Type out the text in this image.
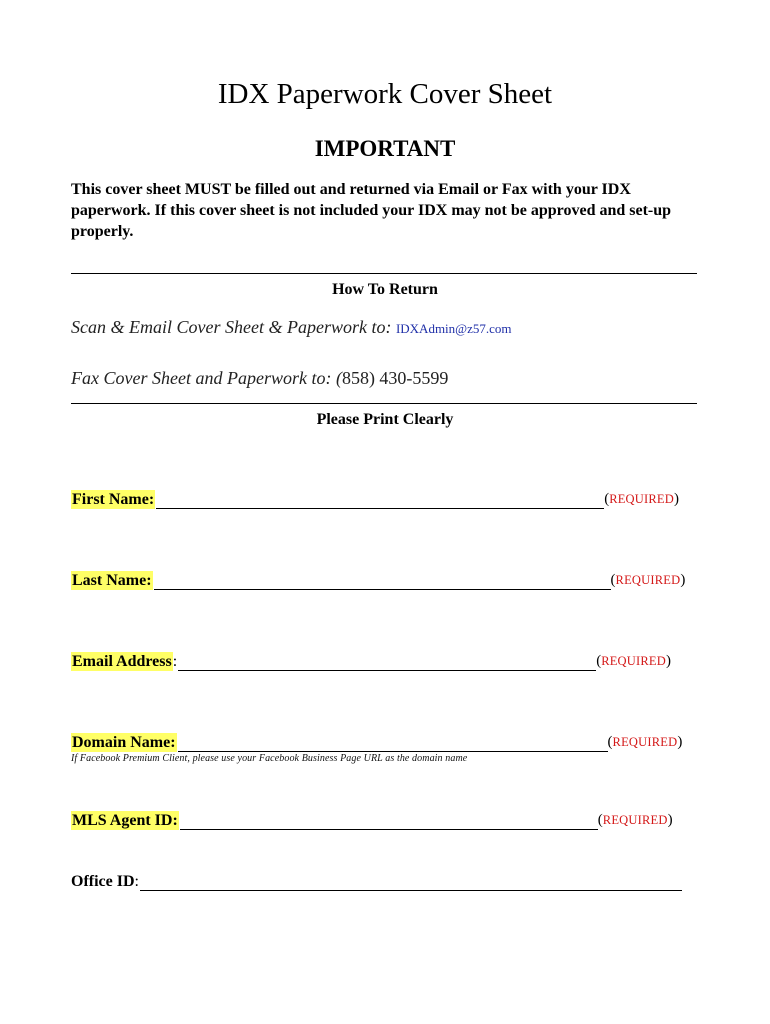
IDX Paperwork Cover Sheet
IMPORTANT
This cover sheet MUST be filled out and returned via Email or Fax with your IDX paperwork. If this cover sheet is not included your IDX may not be approved and set-up properly.
How To Return
Scan & Email Cover Sheet & Paperwork to: IDXAdmin@z57.com
Fax Cover Sheet and Paperwork to: (858) 430-5599
Please Print Clearly
First Name:	(REQUIRED)
Last Name:	(REQUIRED)
Email Address :	(REQUIRED)
Domain Name:	(REQUIRED)
If Facebook Premium Client, please use your Facebook Business Page URL as the domain name
MLS Agent ID:	(REQUIRED)
Office ID :
